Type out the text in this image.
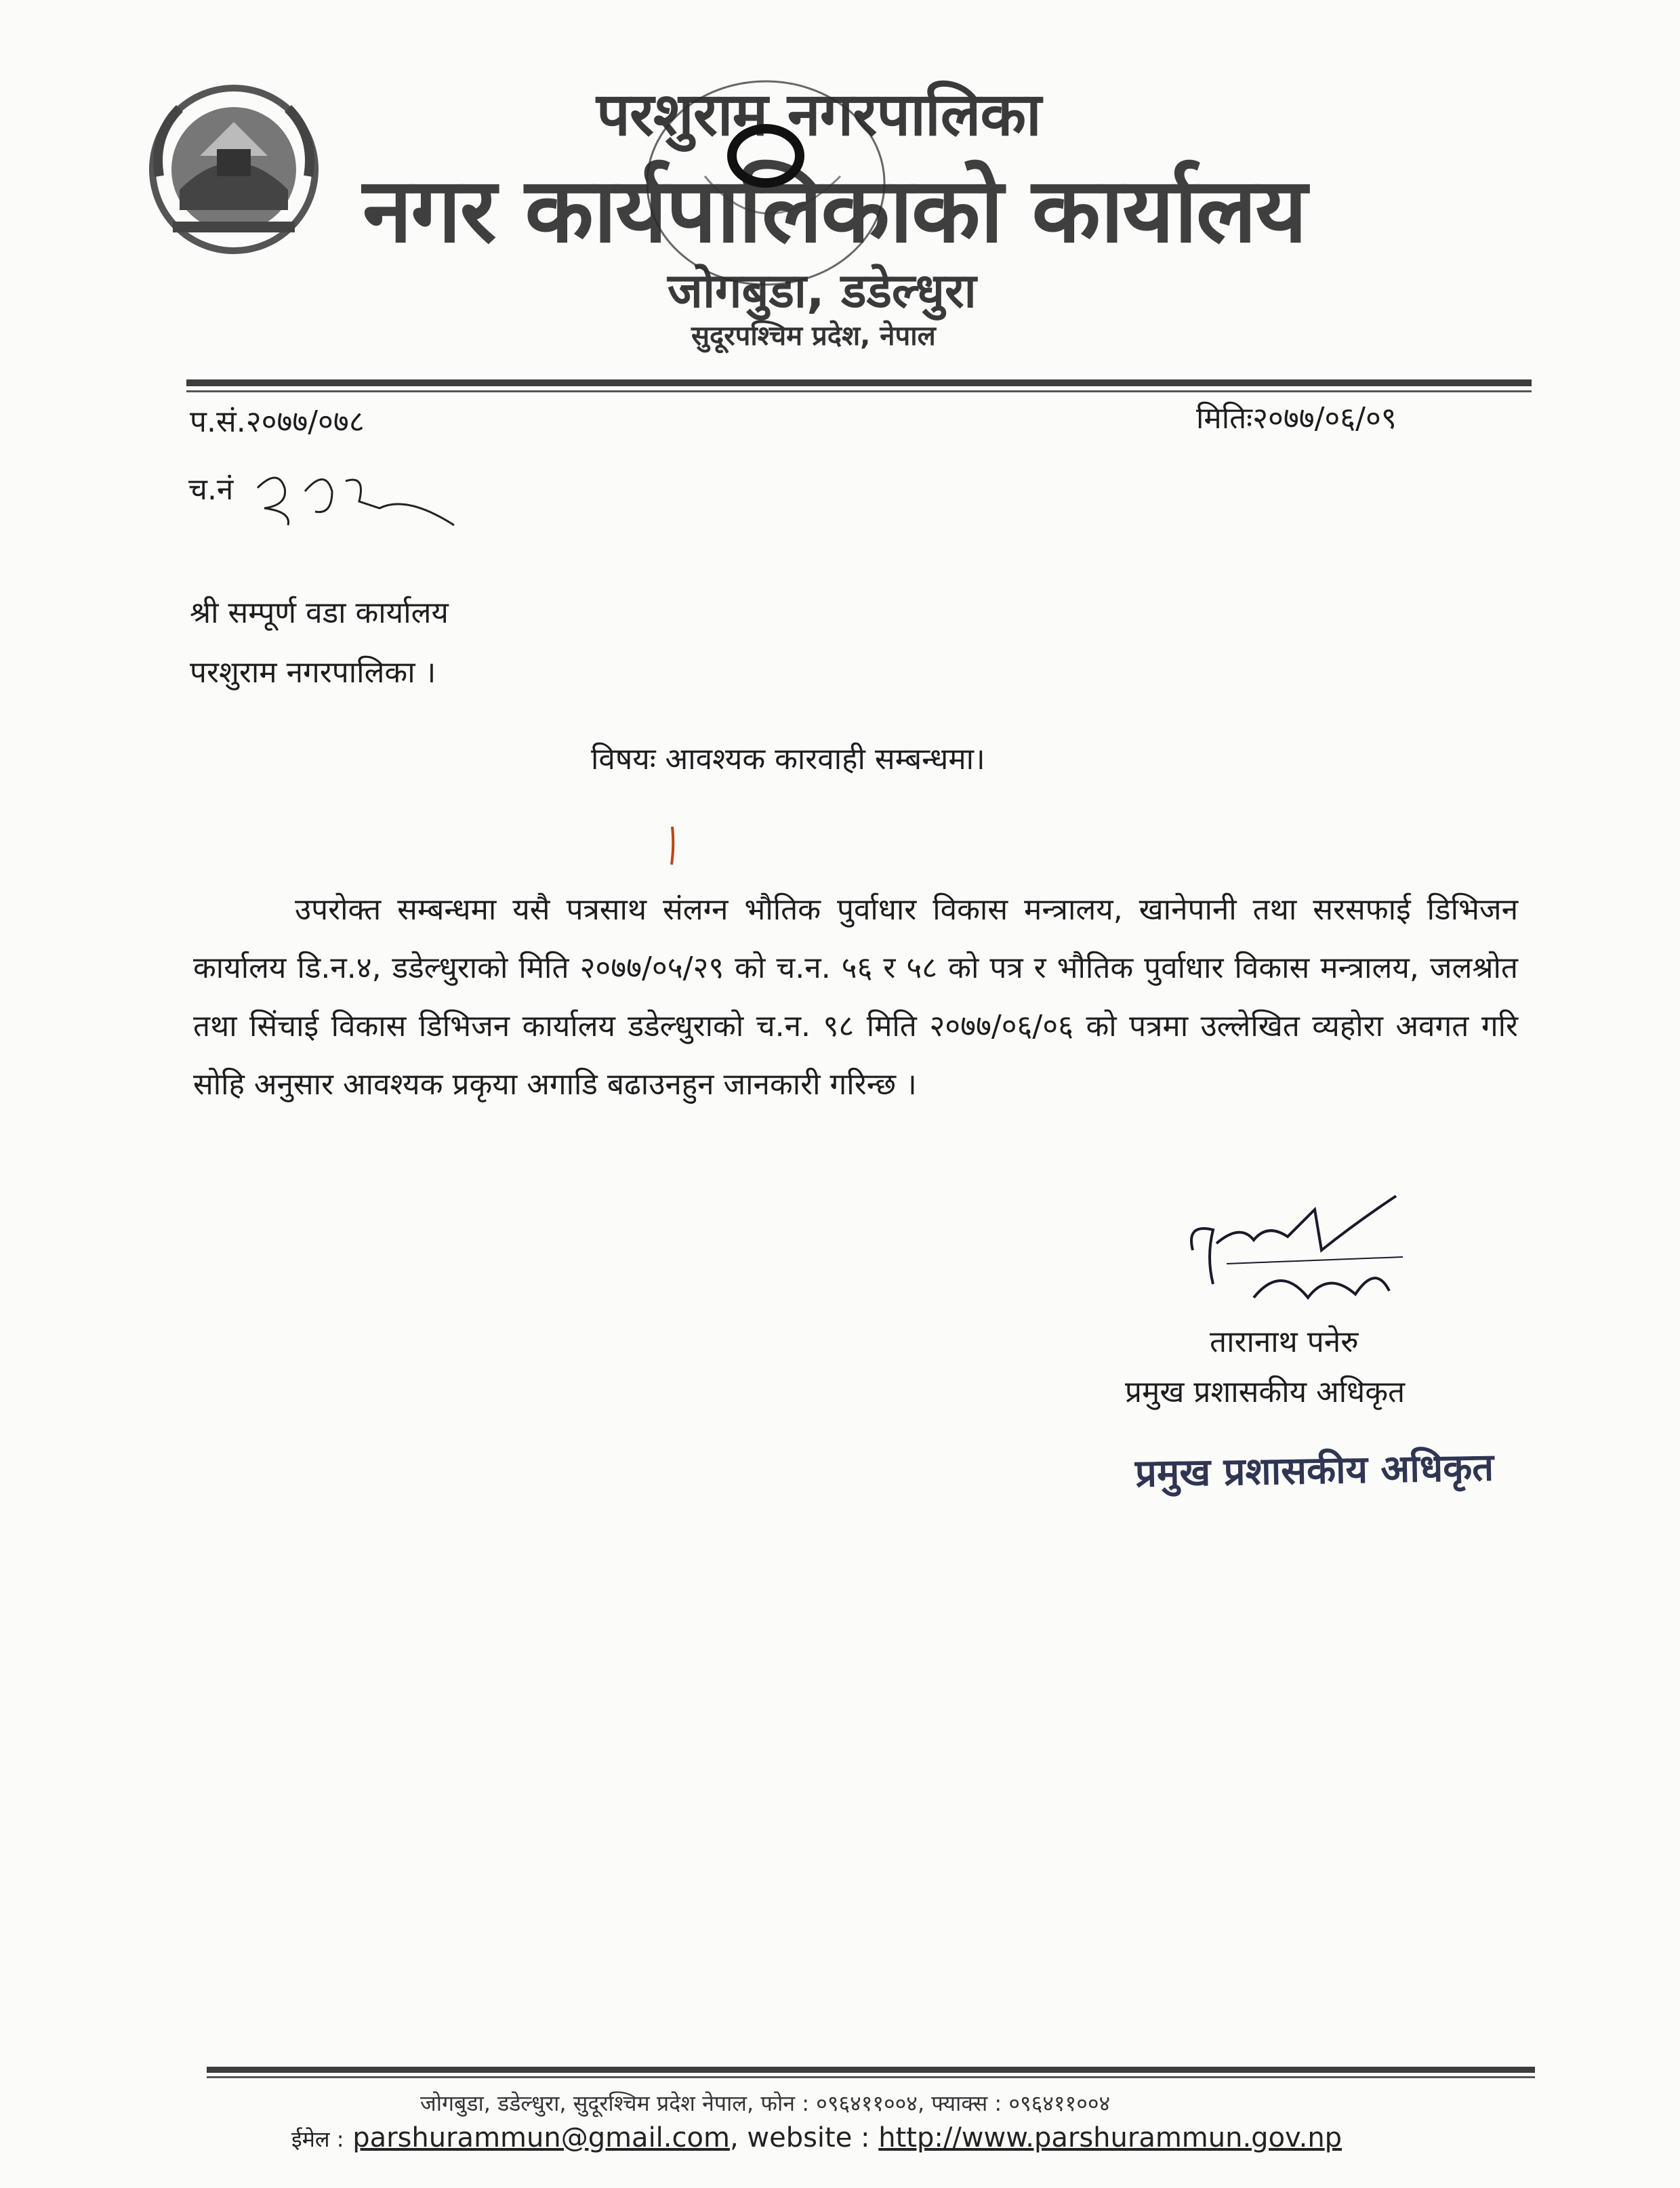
परशुराम नगरपालिका
नगर कार्यपालिकाको कार्यालय
जोगबुडा, डडेल्धुरा
सुदूरपश्चिम प्रदेश, नेपाल
प.सं.२०७७/०७८	मितिः२०७७/०६/०९
च.नं
श्री सम्पूर्ण वडा कार्यालय
परशुराम नगरपालिका ।
विषयः आवश्यक कारवाही सम्बन्धमा।
उपरोक्त सम्बन्धमा यसै पत्रसाथ संलग्न भौतिक पुर्वाधार विकास मन्त्रालय, खानेपानी तथा सरसफाई डिभिजन कार्यालय डि.न.४, डडेल्धुराको मिति २०७७/०५/२९ को च.न. ५६ र ५८ को पत्र र भौतिक पुर्वाधार विकास मन्त्रालय, जलश्रोत तथा सिंचाई विकास डिभिजन कार्यालय डडेल्धुराको च.न. ९८ मिति २०७७/०६/०६ को पत्रमा उल्लेखित व्यहोरा अवगत गरि सोहि अनुसार आवश्यक प्रकृया अगाडि बढाउनहुन जानकारी गरिन्छ ।
तारानाथ पनेरु
प्रमुख प्रशासकीय अधिकृत
प्रमुख प्रशासकीय अधिकृत
जोगबुडा, डडेल्धुरा, सुदूरश्चिम प्रदेश नेपाल, फोन : ०९६४११००४, फ्याक्स : ०९६४११००४
ईमेल : parshurammun@gmail.com, website : http://www.parshurammun.gov.np
